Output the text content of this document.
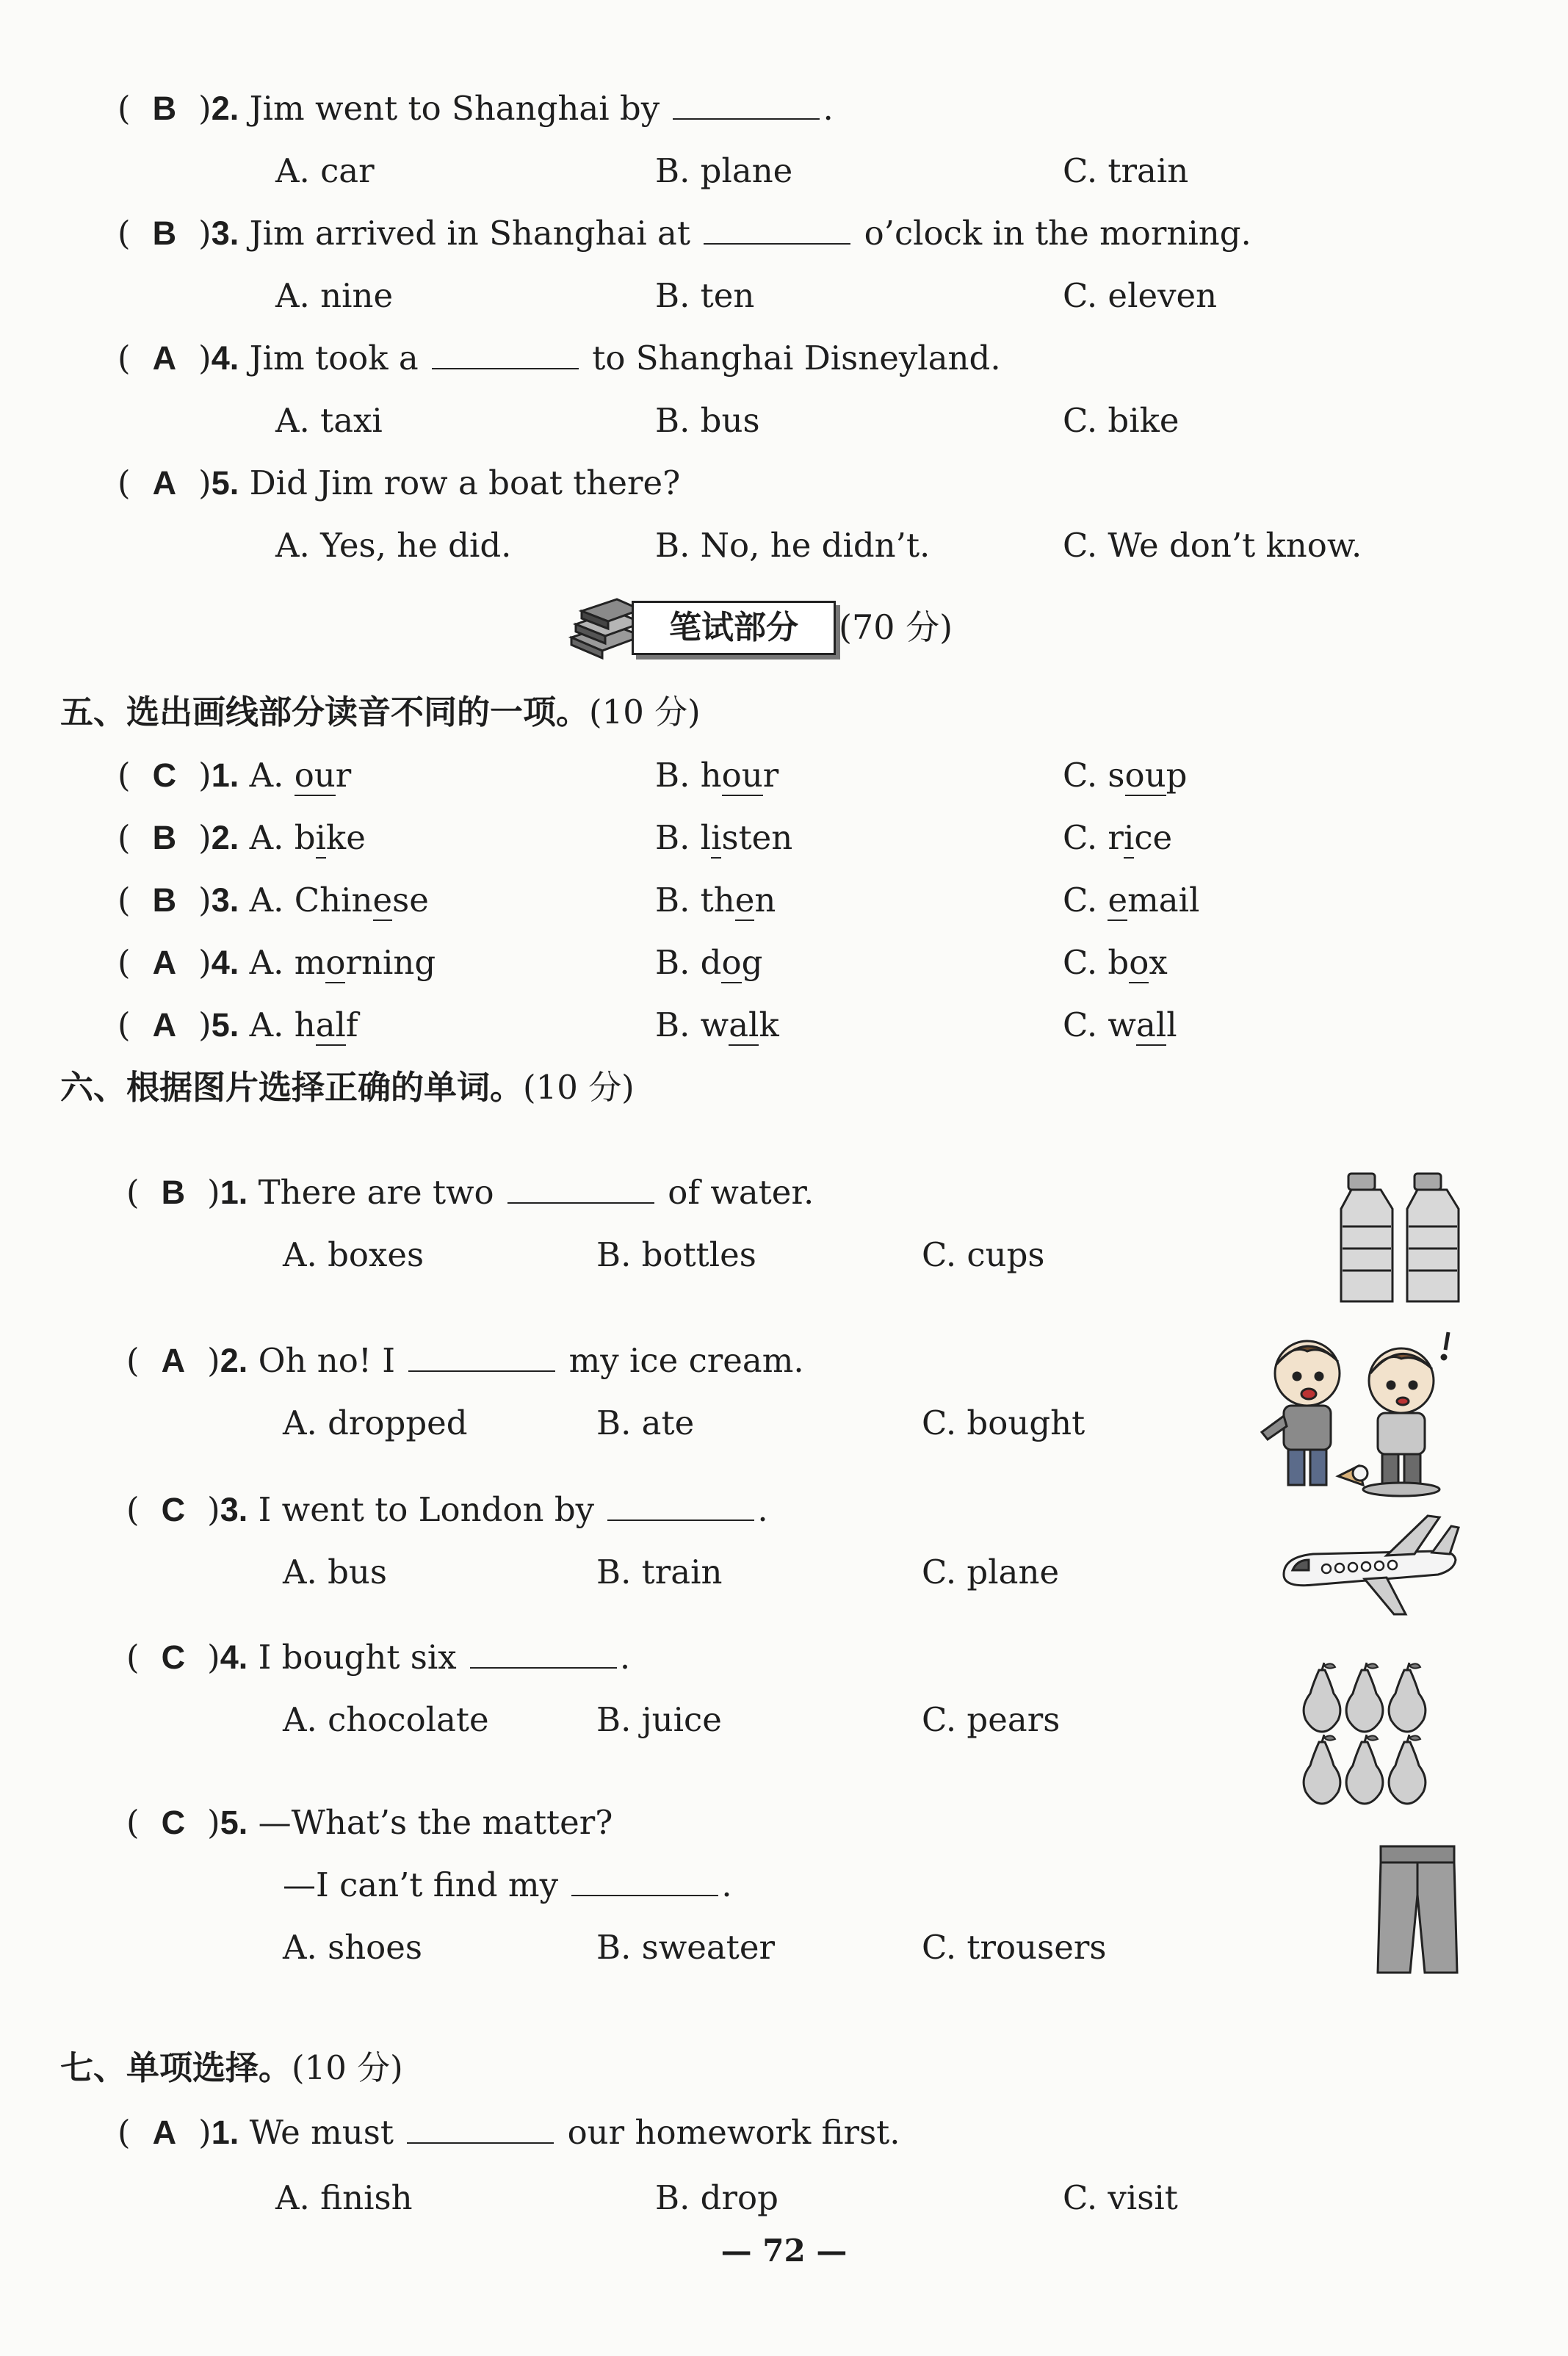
( B )2. Jim went to Shanghai by	.
A. car	B. plane	C. train
( B )3. Jim arrived in Shanghai at	o’clock in the morning.
A. nine	B. ten	C. eleven
( A )4. Jim took a	to Shanghai Disneyland.
A. taxi	B. bus	C. bike
( A )5. Did Jim row a boat there?
A. Yes, he did.	B. No, he didn’t.	C. We don’t know.
笔试部分	(70 分)
五、选出画线部分读音不同的一项。(10 分)
( C )1. A. our	B. hour	C. soup
( B )2. A. bike	B. listen	C. rice
( B )3. A. Chinese	B. then	C. email
( A )4. A. morning	B. dog	C. box
( A )5. A. half	B. walk	C. wall
六、根据图片选择正确的单词。(10 分)
( B )1. There are two	of water.
A. boxes	B. bottles	C. cups
( A )2. Oh no! I	my ice cream.
A. dropped	B. ate	C. bought
( C )3. I went to London by	.
A. bus	B. train	C. plane
( C )4. I bought six	.
A. chocolate	B. juice	C. pears
( C )5. —What’s the matter?
—I can’t find my	.
A. shoes	B. sweater	C. trousers
七、单项选择。(10 分)
( A )1. We must	our homework first.
A. finish	B. drop	C. visit
— 72 —
